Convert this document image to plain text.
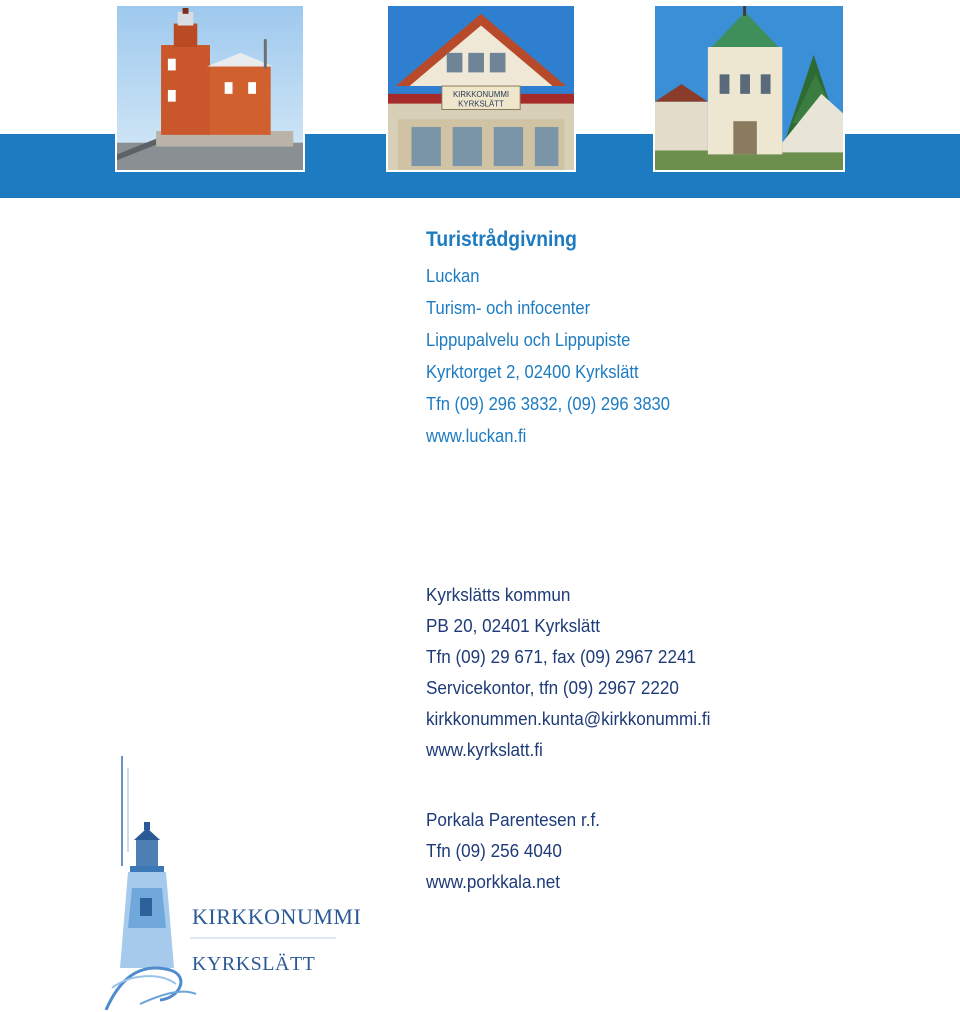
KIRKKONUMMI
KYRKSLÄTT
Turistrådgivning
Luckan
Turism- och infocenter
Lippupalvelu och Lippupiste
Kyrktorget 2, 02400 Kyrkslätt
Tfn (09) 296 3832, (09) 296 3830
www.luckan.fi
Kyrkslätts kommun
PB 20, 02401 Kyrkslätt
Tfn (09) 29 671, fax (09) 2967 2241
Servicekontor, tfn (09) 2967 2220
kirkkonummen.kunta@kirkkonummi.fi
www.kyrkslatt.fi
Porkala Parentesen r.f.
Tfn (09) 256 4040
www.porkkala.net
KIRKKONUMMI
KYRKSLÄTT
